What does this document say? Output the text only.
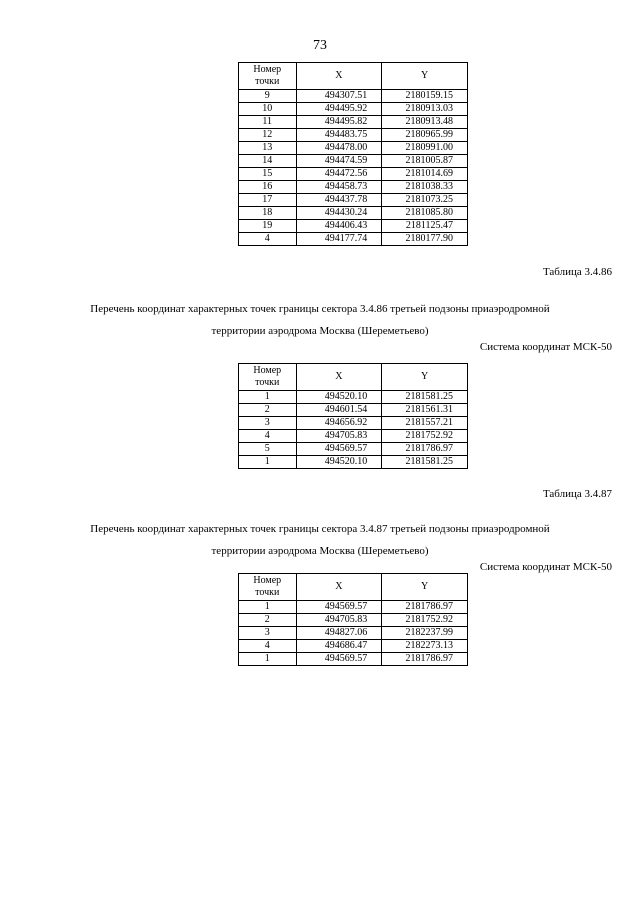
73
Номер
точки	X	Y
9	494307.51	2180159.15
10	494495.92	2180913.03
11	494495.82	2180913.48
12	494483.75	2180965.99
13	494478.00	2180991.00
14	494474.59	2181005.87
15	494472.56	2181014.69
16	494458.73	2181038.33
17	494437.78	2181073.25
18	494430.24	2181085.80
19	494406.43	2181125.47
4	494177.74	2180177.90
Таблица 3.4.86
Перечень координат характерных точек границы сектора 3.4.86 третьей подзоны приаэродромной
территории аэродрома Москва (Шереметьево)
Система координат МСК-50
Номер
точки	X	Y
1	494520.10	2181581.25
2	494601.54	2181561.31
3	494656.92	2181557.21
4	494705.83	2181752.92
5	494569.57	2181786.97
1	494520.10	2181581.25
Таблица 3.4.87
Перечень координат характерных точек границы сектора 3.4.87 третьей подзоны приаэродромной
территории аэродрома Москва (Шереметьево)
Система координат МСК-50
Номер
точки	X	Y
1	494569.57	2181786.97
2	494705.83	2181752.92
3	494827.06	2182237.99
4	494686.47	2182273.13
1	494569.57	2181786.97
